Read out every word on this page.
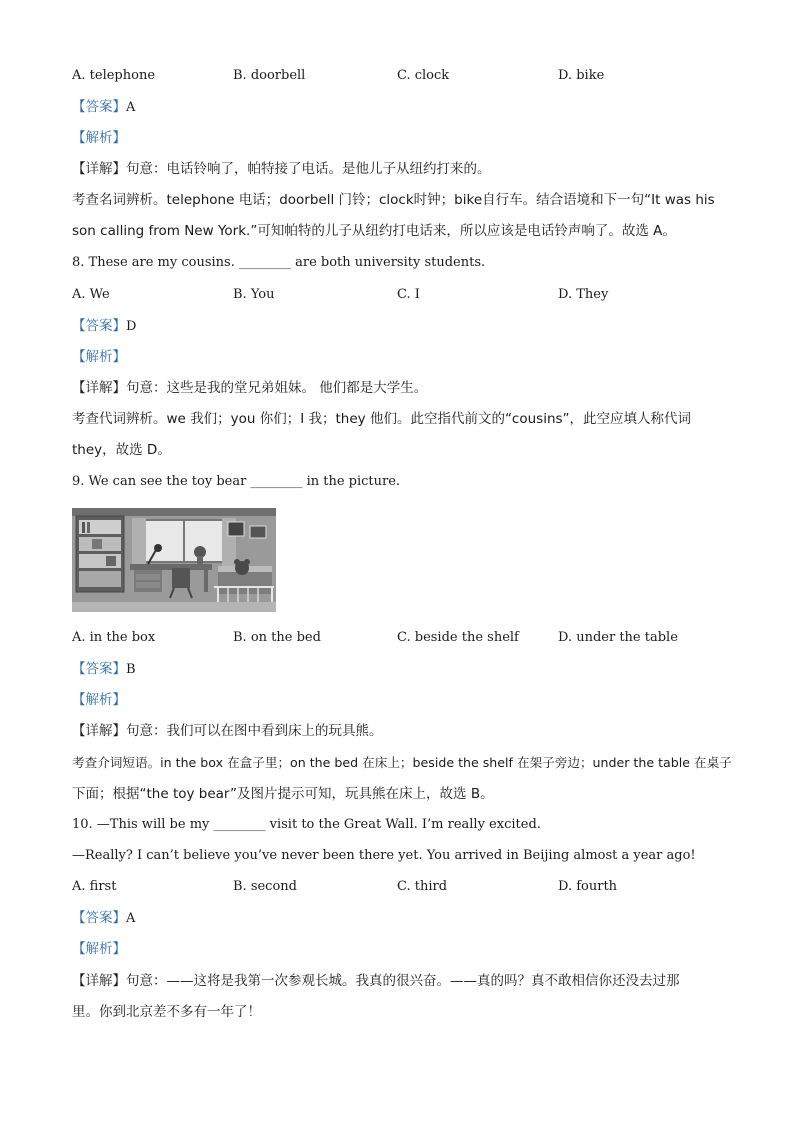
A. telephone	B. doorbell	C. clock	D. bike
【答案】A
【解析】
【详解】句意：电话铃响了，帕特接了电话。是他儿子从纽约打来的。
考查名词辨析。telephone 电话；doorbell 门铃；clock时钟；bike自行车。结合语境和下一句“It was his
son calling from New York.”可知帕特的儿子从纽约打电话来，所以应该是电话铃声响了。故选 A。
8. These are my cousins. ________ are both university students.
A. We	B. You	C. I	D. They
【答案】D
【解析】
【详解】句意：这些是我的堂兄弟姐妹。 他们都是大学生。
考查代词辨析。we 我们；you 你们；I 我；they 他们。此空指代前文的“cousins”，此空应填人称代词
they，故选 D。
9. We can see the toy bear ________ in the picture.
A. in the box	B. on the bed	C. beside the shelf	D. under the table
【答案】B
【解析】
【详解】句意：我们可以在图中看到床上的玩具熊。
考查介词短语。in the box 在盒子里；on the bed 在床上；beside the shelf 在架子旁边；under the table 在桌子
下面；根据“the toy bear”及图片提示可知，玩具熊在床上，故选 B。
10. —This will be my ________ visit to the Great Wall. I’m really excited.
—Really? I can’t believe you’ve never been there yet. You arrived in Beijing almost a year ago!
A. first	B. second	C. third	D. fourth
【答案】A
【解析】
【详解】句意：——这将是我第一次参观长城。我真的很兴奋。——真的吗？真不敢相信你还没去过那
里。你到北京差不多有一年了！
